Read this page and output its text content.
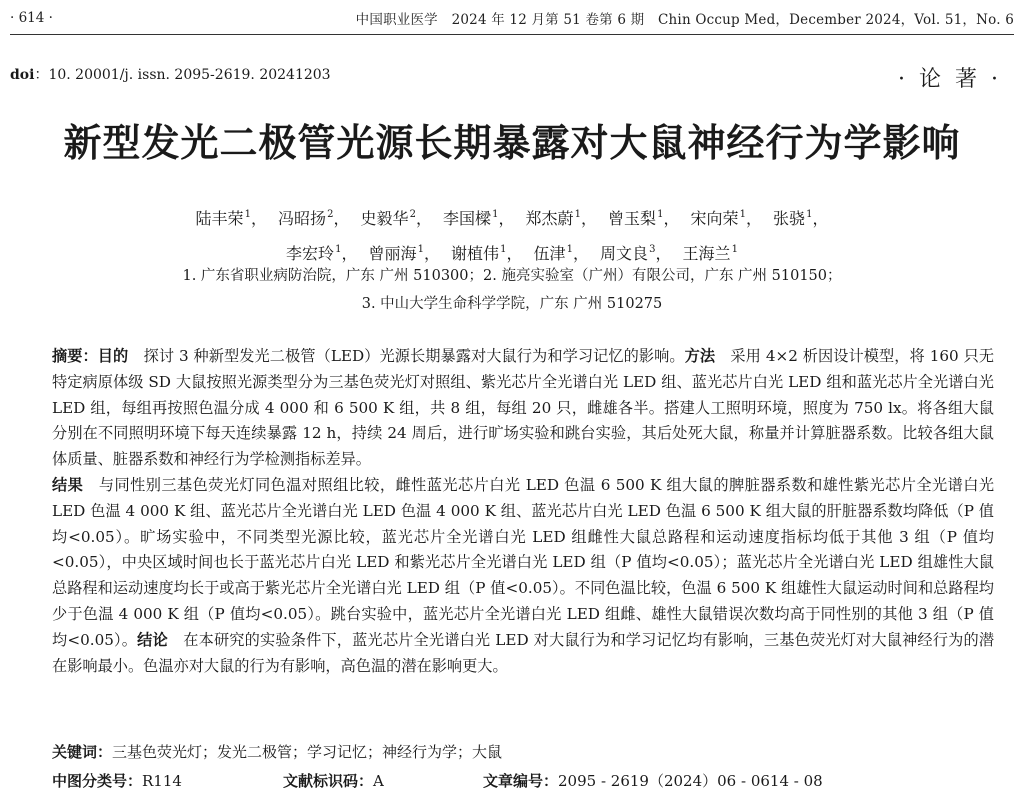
· 614 ·	中国职业医学　2024 年 12 月第 51 卷第 6 期　Chin Occup Med，December 2024，Vol. 51，No. 6
doi：10. 20001/j. issn. 2095-2619. 20241203	·论著·
新型发光二极管光源长期暴露对大鼠神经行为学影响
陆丰荣$^1$， 冯昭扬$^2$， 史毅华$^2$， 李国樑$^1$， 郑杰蔚$^1$， 曾玉梨$^1$， 宋向荣$^1$， 张骁$^1$，
李宏玲$^1$， 曾丽海$^1$， 谢植伟$^1$， 伍津$^1$， 周文良$^3$， 王海兰$^1$
1. 广东省职业病防治院，广东 广州 510300；2. 施亮实验室（广州）有限公司，广东 广州 510150；
3. 中山大学生命科学学院，广东 广州 510275

摘要：目的　 探讨 3 种新型发光二极管（LED）光源长期暴露对大鼠行为和学习记忆的影响。方法　 采用 4×2 析因设计模型，将 160 只无特定病原体级 SD 大鼠按照光源类型分为三基色荧光灯对照组、紫光芯片全光谱白光 LED 组、蓝光芯片白光 LED 组和蓝光芯片全光谱白光 LED 组，每组再按照色温分成 4 000 和 6 500 K 组，共 8 组，每组 20 只，雌雄各半。搭建人工照明环境，照度为 750 lx。将各组大鼠分别在不同照明环境下每天连续暴露 12 h，持续 24 周后，进行旷场实验和跳台实验，其后处死大鼠，称量并计算脏器系数。比较各组大鼠体质量、脏器系数和神经行为学检测指标差异。

结果　 与同性别三基色荧光灯同色温对照组比较，雌性蓝光芯片白光 LED 色温 6 500 K 组大鼠的脾脏器系数和雄性紫光芯片全光谱白光 LED 色温 4 000 K 组、蓝光芯片全光谱白光 LED 色温 4 000 K 组、蓝光芯片白光 LED 色温 6 500 K 组大鼠的肝脏器系数均降低（P 值均<0.05）。旷场实验中，不同类型光源比较，蓝光芯片全光谱白光 LED 组雌性大鼠总路程和运动速度指标均低于其他 3 组（P 值均<0.05），中央区域时间也长于蓝光芯片白光 LED 和紫光芯片全光谱白光 LED 组（P 值均<0.05）；蓝光芯片全光谱白光 LED 组雄性大鼠总路程和运动速度均长于或高于紫光芯片全光谱白光 LED 组（P 值<0.05）。不同色温比较，色温 6 500 K 组雄性大鼠运动时间和总路程均少于色温 4 000 K 组（P 值均<0.05）。跳台实验中，蓝光芯片全光谱白光 LED 组雌、雄性大鼠错误次数均高于同性别的其他 3 组（P 值均<0.05）。结论　 在本研究的实验条件下，蓝光芯片全光谱白光 LED 对大鼠行为和学习记忆均有影响，三基色荧光灯对大鼠神经行为的潜在影响最小。色温亦对大鼠的行为有影响，高色温的潜在影响更大。

关键词：三基色荧光灯；发光二极管；学习记忆；神经行为学；大鼠
中图分类号：R114	文献标识码：A	文章编号：2095 - 2619（2024）06 - 0614 - 08
